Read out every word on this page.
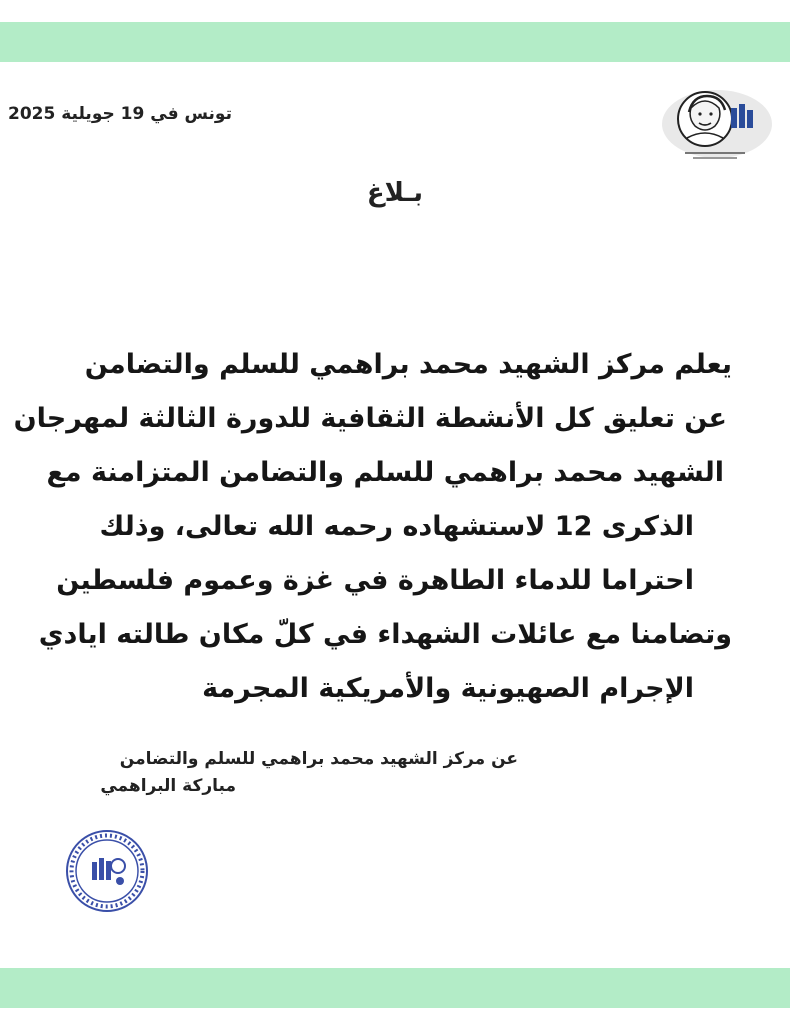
تونس في 19 جويلية 2025
بـلاغ
يعلم مركز الشهيد محمد براهمي للسلم والتضامن
عن تعليق كل الأنشطة الثقافية للدورة الثالثة لمهرجان
الشهيد محمد براهمي للسلم والتضامن المتزامنة مع
الذكرى 12 لاستشهاده رحمه الله تعالى، وذلك
احتراما للدماء الطاهرة في غزة وعموم فلسطين
وتضامنا مع عائلات الشهداء في كلّ مكان طالته ايادي
الإجرام الصهيونية والأمريكية المجرمة
عن مركز الشهيد محمد براهمي للسلم والتضامن
مباركة البراهمي
